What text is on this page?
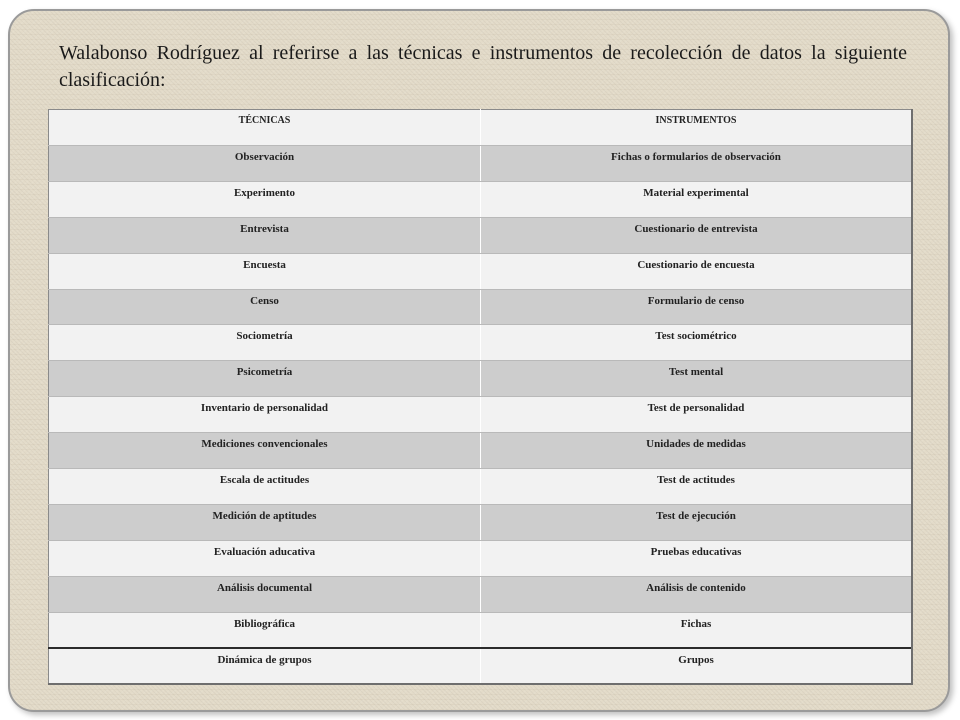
Walabonso Rodríguez al referirse a las técnicas e instrumentos de recolección de datos la siguiente clasificación:

TÉCNICAS	INSTRUMENTOS
Observación	Fichas o formularios de observación
Experimento	Material experimental
Entrevista	Cuestionario de entrevista
Encuesta	Cuestionario de encuesta
Censo	Formulario de censo
Sociometría	Test sociométrico
Psicometría	Test mental
Inventario de personalidad	Test de personalidad
Mediciones convencionales	Unidades de medidas
Escala de actitudes	Test de actitudes
Medición de aptitudes	Test de ejecución
Evaluación aducativa	Pruebas educativas
Análisis documental	Análisis de contenido
Bibliográfica	Fichas
Dinámica de grupos	Grupos
